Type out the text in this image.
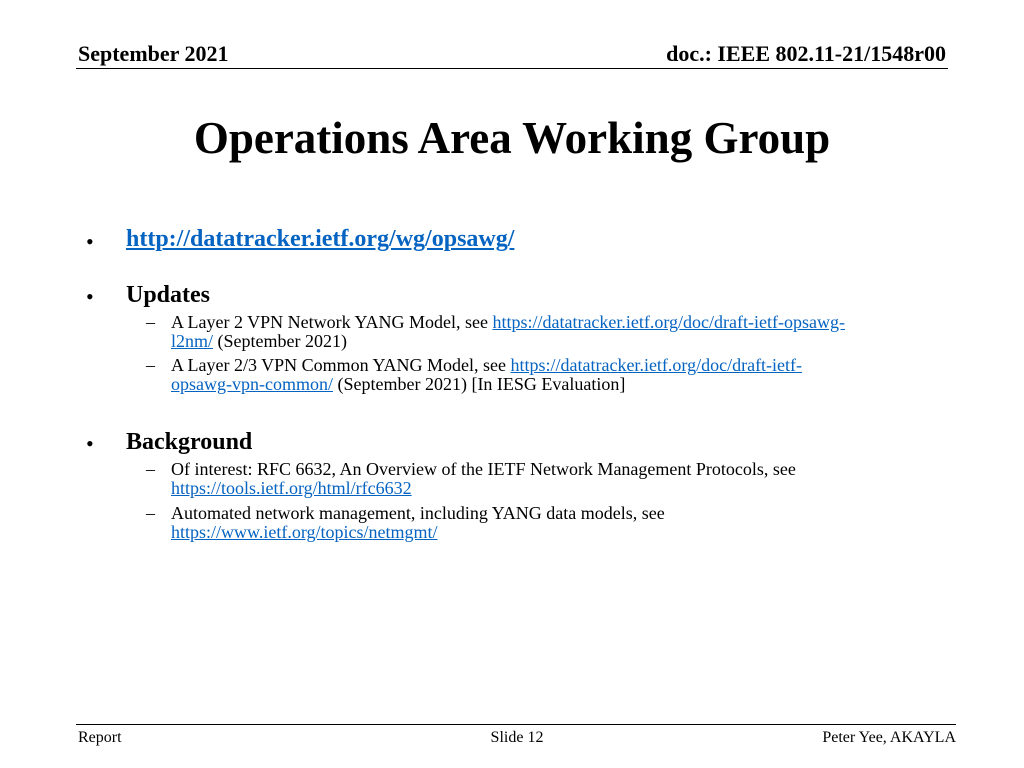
September 2021	doc.: IEEE 802.11-21/1548r00
Operations Area Working Group
• http://datatracker.ietf.org/wg/opsawg/
• Updates
– A Layer 2 VPN Network YANG Model, see https://datatracker.ietf.org/doc/draft-ietf-opsawg-
l2nm/ (September 2021)
– A Layer 2/3 VPN Common YANG Model, see https://datatracker.ietf.org/doc/draft-ietf-
opsawg-vpn-common/ (September 2021) [In IESG Evaluation]
• Background
– Of interest: RFC 6632, An Overview of the IETF Network Management Protocols, see
https://tools.ietf.org/html/rfc6632
– Automated network management, including YANG data models, see
https://www.ietf.org/topics/netmgmt/
Report	Slide 12	Peter Yee, AKAYLA
